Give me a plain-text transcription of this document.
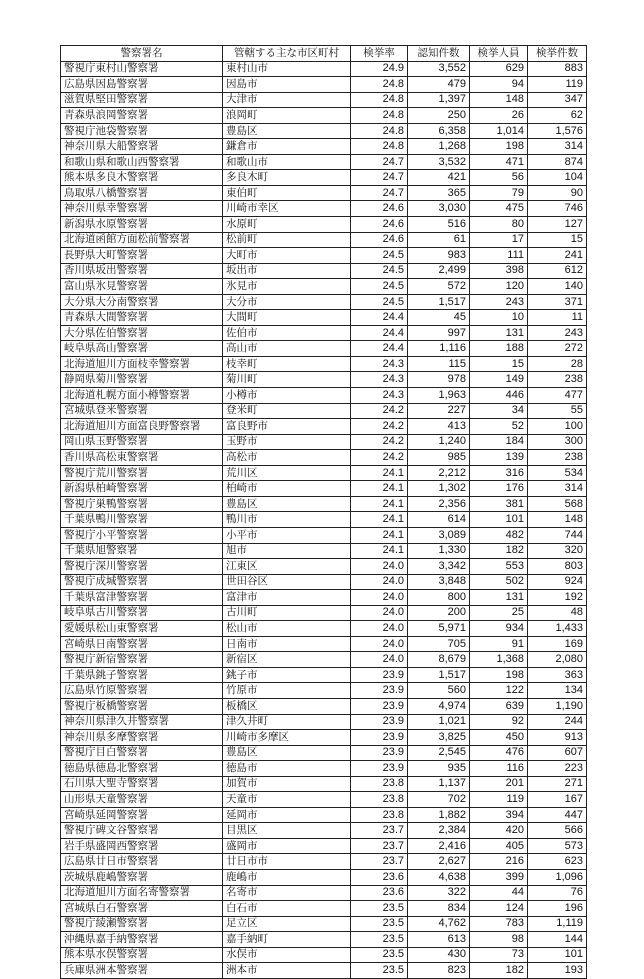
警察署名	管轄する主な市区町村	検挙率	認知件数	検挙人員	検挙件数
警視庁東村山警察署	東村山市	24.9	3,552	629	883
広島県因島警察署	因島市	24.8	479	94	119
滋賀県堅田警察署	大津市	24.8	1,397	148	347
青森県浪岡警察署	浪岡町	24.8	250	26	62
警視庁池袋警察署	豊島区	24.8	6,358	1,014	1,576
神奈川県大船警察署	鎌倉市	24.8	1,268	198	314
和歌山県和歌山西警察署	和歌山市	24.7	3,532	471	874
熊本県多良木警察署	多良木町	24.7	421	56	104
鳥取県八橋警察署	東伯町	24.7	365	79	90
神奈川県幸警察署	川崎市幸区	24.6	3,030	475	746
新潟県水原警察署	水原町	24.6	516	80	127
北海道函館方面松前警察署	松前町	24.6	61	17	15
長野県大町警察署	大町市	24.5	983	111	241
香川県坂出警察署	坂出市	24.5	2,499	398	612
富山県氷見警察署	氷見市	24.5	572	120	140
大分県大分南警察署	大分市	24.5	1,517	243	371
青森県大間警察署	大間町	24.4	45	10	11
大分県佐伯警察署	佐伯市	24.4	997	131	243
岐阜県高山警察署	高山市	24.4	1,116	188	272
北海道旭川方面枝幸警察署	枝幸町	24.3	115	15	28
静岡県菊川警察署	菊川町	24.3	978	149	238
北海道札幌方面小樽警察署	小樽市	24.3	1,963	446	477
宮城県登米警察署	登米町	24.2	227	34	55
北海道旭川方面富良野警察署	富良野市	24.2	413	52	100
岡山県玉野警察署	玉野市	24.2	1,240	184	300
香川県高松東警察署	高松市	24.2	985	139	238
警視庁荒川警察署	荒川区	24.1	2,212	316	534
新潟県柏崎警察署	柏崎市	24.1	1,302	176	314
警視庁巣鴨警察署	豊島区	24.1	2,356	381	568
千葉県鴨川警察署	鴨川市	24.1	614	101	148
警視庁小平警察署	小平市	24.1	3,089	482	744
千葉県旭警察署	旭市	24.1	1,330	182	320
警視庁深川警察署	江東区	24.0	3,342	553	803
警視庁成城警察署	世田谷区	24.0	3,848	502	924
千葉県富津警察署	富津市	24.0	800	131	192
岐阜県古川警察署	古川町	24.0	200	25	48
愛媛県松山東警察署	松山市	24.0	5,971	934	1,433
宮崎県日南警察署	日南市	24.0	705	91	169
警視庁新宿警察署	新宿区	24.0	8,679	1,368	2,080
千葉県銚子警察署	銚子市	23.9	1,517	198	363
広島県竹原警察署	竹原市	23.9	560	122	134
警視庁板橋警察署	板橋区	23.9	4,974	639	1,190
神奈川県津久井警察署	津久井町	23.9	1,021	92	244
神奈川県多摩警察署	川崎市多摩区	23.9	3,825	450	913
警視庁目白警察署	豊島区	23.9	2,545	476	607
徳島県徳島北警察署	徳島市	23.9	935	116	223
石川県大聖寺警察署	加賀市	23.8	1,137	201	271
山形県天童警察署	天童市	23.8	702	119	167
宮崎県延岡警察署	延岡市	23.8	1,882	394	447
警視庁碑文谷警察署	目黒区	23.7	2,384	420	566
岩手県盛岡西警察署	盛岡市	23.7	2,416	405	573
広島県廿日市警察署	廿日市市	23.7	2,627	216	623
茨城県鹿嶋警察署	鹿嶋市	23.6	4,638	399	1,096
北海道旭川方面名寄警察署	名寄市	23.6	322	44	76
宮城県白石警察署	白石市	23.5	834	124	196
警視庁綾瀬警察署	足立区	23.5	4,762	783	1,119
沖縄県嘉手納警察署	嘉手納町	23.5	613	98	144
熊本県水俣警察署	水俣市	23.5	430	73	101
兵庫県洲本警察署	洲本市	23.5	823	182	193
